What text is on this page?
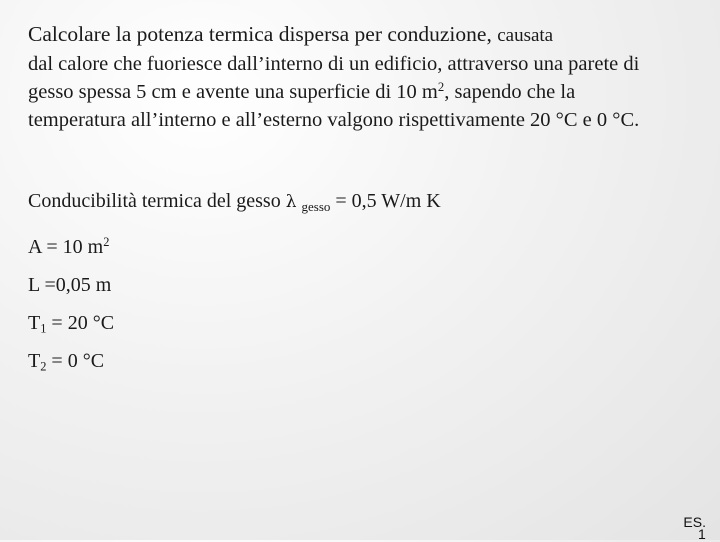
Calcolare la potenza termica dispersa per conduzione, causata
dal calore che fuoriesce dall’interno di un edificio, attraverso una parete di
gesso spessa 5 cm e avente una superficie di 10 $m^2$, sapendo che la
temperatura all’interno e all’esterno valgono rispettivamente 20 °C e 0 °C.
Conducibilità termica del gesso λ $_{gesso}$ = 0,5 W/m K
A = 10 $m^2$
L =0,05 m
$T_1 = 20$ °C
$T_2 = 0$ °C
ES.
1
